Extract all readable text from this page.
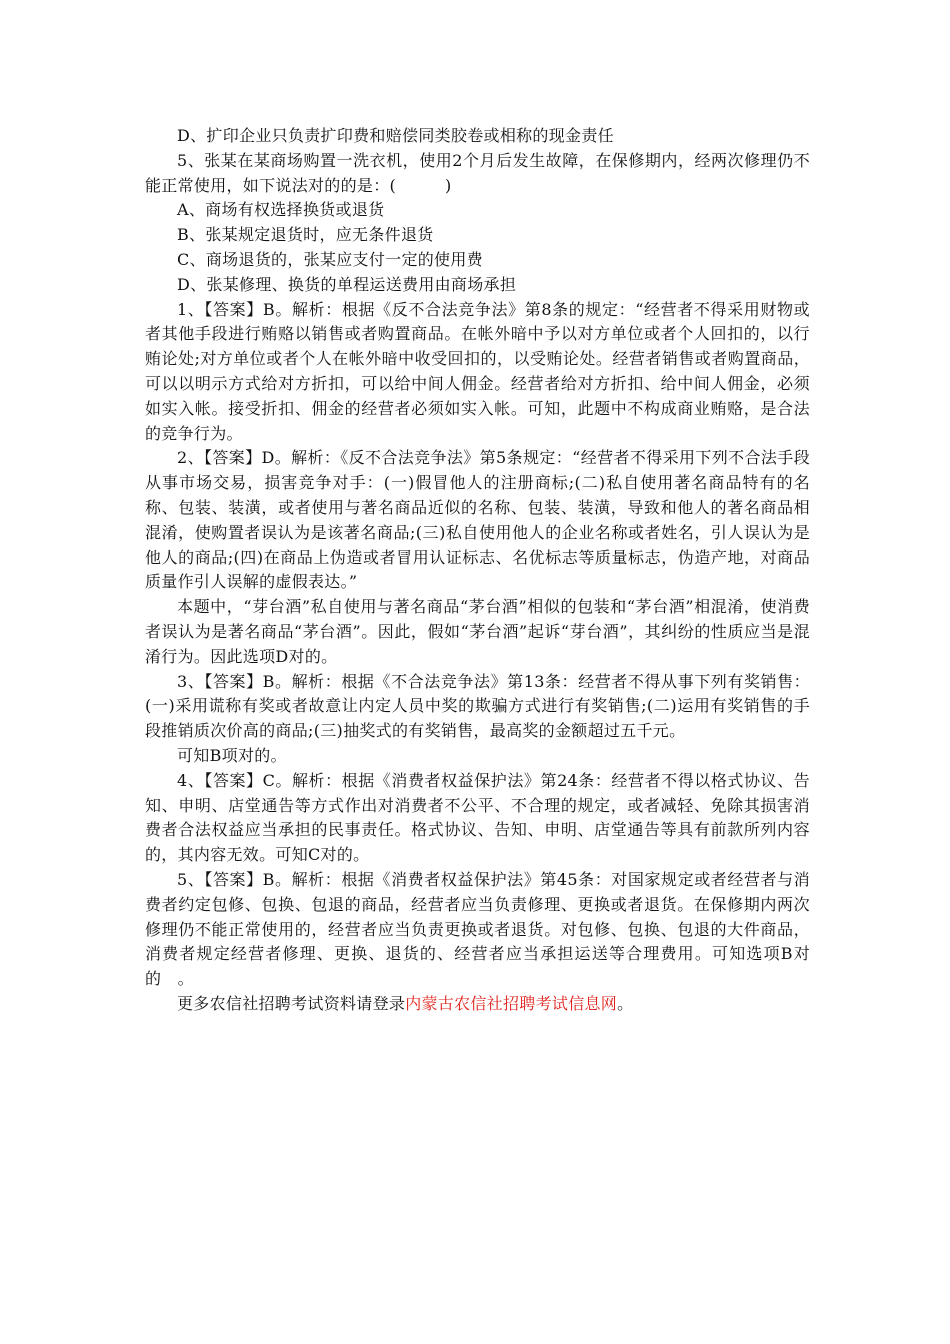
D、扩印企业只负责扩印费和赔偿同类胶卷或相称的现金责任

5、张某在某商场购置一洗衣机，使用2个月后发生故障，在保修期内，经两次修理仍不能正常使用，如下说法对的的是：(　　　)

A、商场有权选择换货或退货

B、张某规定退货时，应无条件退货

C、商场退货的，张某应支付一定的使用费

D、张某修理、换货的单程运送费用由商场承担

1、【答案】B。解析：根据《反不合法竞争法》第8条的规定：“经营者不得采用财物或者其他手段进行贿赂以销售或者购置商品。在帐外暗中予以对方单位或者个人回扣的，以行贿论处;对方单位或者个人在帐外暗中收受回扣的，以受贿论处。经营者销售或者购置商品，可以以明示方式给对方折扣，可以给中间人佣金。经营者给对方折扣、给中间人佣金，必须如实入帐。接受折扣、佣金的经营者必须如实入帐。可知，此题中不构成商业贿赂，是合法的竞争行为。

2、【答案】D。解析：《反不合法竞争法》第5条规定：“经营者不得采用下列不合法手段从事市场交易，损害竞争对手：(一)假冒他人的注册商标;(二)私自使用著名商品特有的名称、包装、装潢，或者使用与著名商品近似的名称、包装、装潢，导致和他人的著名商品相混淆，使购置者误认为是该著名商品;(三)私自使用他人的企业名称或者姓名，引人误认为是他人的商品;(四)在商品上伪造或者冒用认证标志、名优标志等质量标志，伪造产地，对商品质量作引人误解的虚假表达。”

本题中，“芽台酒”私自使用与著名商品“茅台酒”相似的包装和“茅台酒”相混淆，使消费者误认为是著名商品“茅台酒”。因此，假如“茅台酒”起诉“芽台酒”，其纠纷的性质应当是混淆行为。因此选项D对的。

3、【答案】B。解析：根据《不合法竞争法》第13条：经营者不得从事下列有奖销售：(一)采用谎称有奖或者故意让内定人员中奖的欺骗方式进行有奖销售;(二)运用有奖销售的手段推销质次价高的商品;(三)抽奖式的有奖销售，最高奖的金额超过五千元。

可知B项对的。

4、【答案】C。解析：根据《消费者权益保护法》第24条：经营者不得以格式协议、告知、申明、店堂通告等方式作出对消费者不公平、不合理的规定，或者减轻、免除其损害消费者合法权益应当承担的民事责任。格式协议、告知、申明、店堂通告等具有前款所列内容的，其内容无效。可知C对的。

5、【答案】B。解析：根据《消费者权益保护法》第45条：对国家规定或者经营者与消费者约定包修、包换、包退的商品，经营者应当负责修理、更换或者退货。在保修期内两次修理仍不能正常使用的，经营者应当负责更换或者退货。对包修、包换、包退的大件商品，消费者规定经营者修理、更换、退货的、经营者应当承担运送等合理费用。可知选项B对的　。

更多农信社招聘考试资料请登录内蒙古农信社招聘考试信息网。
